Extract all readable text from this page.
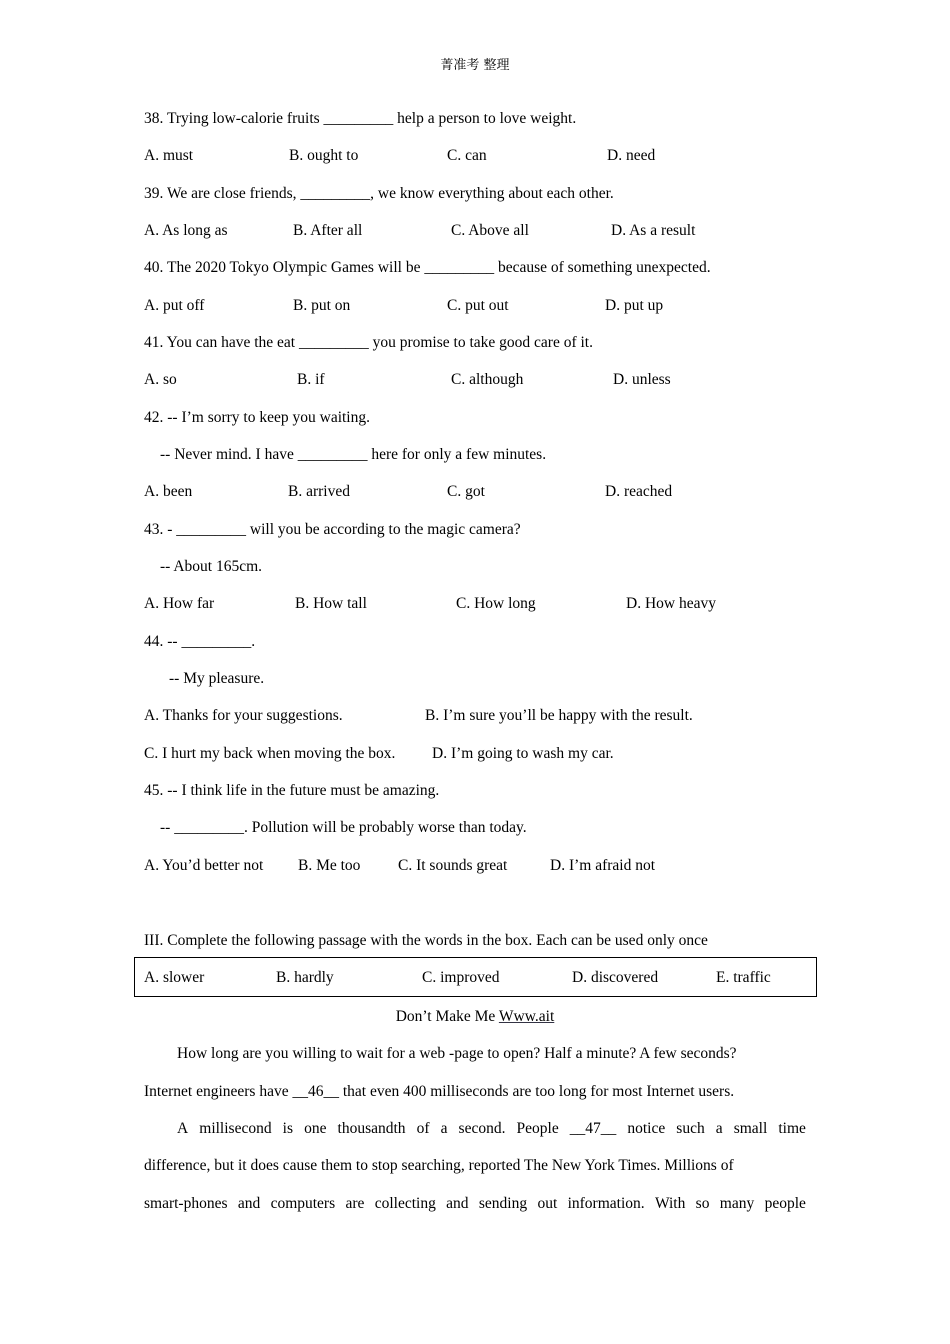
菁准考 整理
38. Trying low-calorie fruits _________ help a person to love weight.
A. must	B. ought to	C. can	D. need
39. We are close friends, _________, we know everything about each other.
A. As long as	B. After all	C. Above all	D. As a result
40. The 2020 Tokyo Olympic Games will be _________ because of something unexpected.
A. put off	B. put on	C. put out	D. put up
41. You can have the eat _________ you promise to take good care of it.
A. so	B. if	C. although	D. unless
42. -- I’m sorry to keep you waiting.
-- Never mind. I have _________ here for only a few minutes.
A. been	B. arrived	C. got	D. reached
43. - _________ will you be according to the magic camera?
-- About 165cm.
A. How far	B. How tall	C. How long	D. How heavy
44. -- _________.
-- My pleasure.
A. Thanks for your suggestions.	B. I’m sure you’ll be happy with the result.
C. I hurt my back when moving the box. D. I’m going to wash my car.
45. -- I think life in the future must be amazing.
-- _________. Pollution will be probably worse than today.
A. You’d better not B. Me too C. It sounds great	D. I’m afraid not
III. Complete the following passage with the words in the box. Each can be used only once
A. slower	B. hardly	C. improved	D. discovered	E. traffic
Don’t Make Me Www.ait
How long are you willing to wait for a web -page to open? Half a minute? A few seconds?
Internet engineers have __46__ that even 400 milliseconds are too long for most Internet users.
A millisecond is one thousandth of a second. People __47__ notice such a small time
difference, but it does cause them to stop searching, reported The New York Times. Millions of
smart-phones and computers are collecting and sending out information. With so many people
